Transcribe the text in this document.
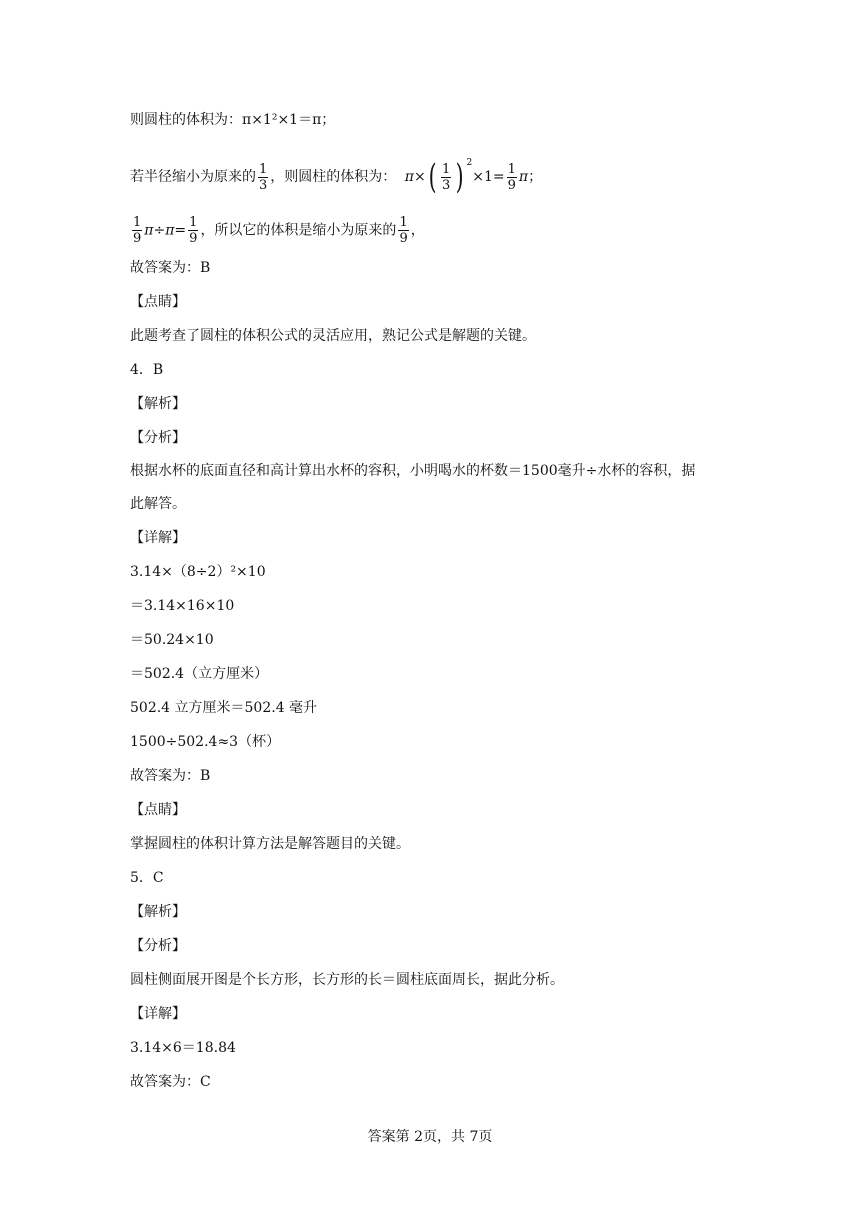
则圆柱的体积为：π×1²×1＝π；
若半径缩小为原来的 $\frac{1}{3}$ ，则圆柱的体积为： $\pi\times( \frac{1}{3}$ ) $^2\times 1= \frac{1}{9}$ π；
$\frac{1}{9} \pi\div\pi= \frac{1}{9}$ ，所以它的体积是缩小为原来的 $\frac{1}{9}$ ，
故答案为：B
【点睛】
此题考查了圆柱的体积公式的灵活应用，熟记公式是解题的关键。
4．B
【解析】
【分析】
根据水杯的底面直径和高计算出水杯的容积，小明喝水的杯数＝1500毫升÷水杯的容积，据
此解答。
【详解】
3.14×（8÷2）²×10
＝3.14×16×10
＝50.24×10
＝502.4（立方厘米）
502.4 立方厘米＝502.4 毫升
1500÷502.4≈3（杯）
故答案为：B
【点睛】
掌握圆柱的体积计算方法是解答题目的关键。
5．C
【解析】
【分析】
圆柱侧面展开图是个长方形，长方形的长＝圆柱底面周长，据此分析。
【详解】
3.14×6＝18.84
故答案为：C
答案第 2页，共 7页
